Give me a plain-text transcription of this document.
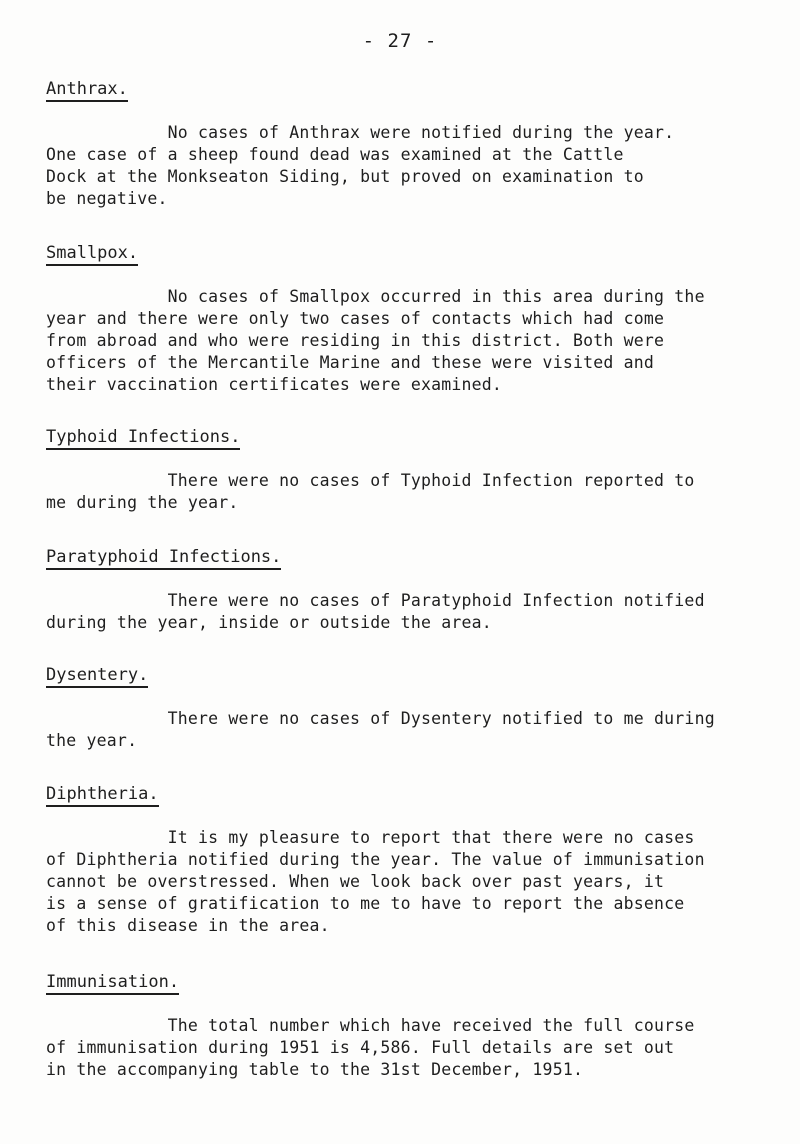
- 27 -
Anthrax.

No cases of Anthrax were notified during the year.
One case of a sheep found dead was examined at the Cattle
Dock at the Monkseaton Siding, but proved on examination to
be negative.

Smallpox.

No cases of Smallpox occurred in this area during the
year and there were only two cases of contacts which had come
from abroad and who were residing in this district. Both were
officers of the Mercantile Marine and these were visited and
their vaccination certificates were examined.

Typhoid Infections.

There were no cases of Typhoid Infection reported to
me during the year.

Paratyphoid Infections.

There were no cases of Paratyphoid Infection notified
during the year, inside or outside the area.

Dysentery.

There were no cases of Dysentery notified to me during
the year.

Diphtheria.

It is my pleasure to report that there were no cases
of Diphtheria notified during the year. The value of immunisation
cannot be overstressed. When we look back over past years, it
is a sense of gratification to me to have to report the absence
of this disease in the area.

Immunisation.

The total number which have received the full course
of immunisation during 1951 is 4,586. Full details are set out
in the accompanying table to the 31st December, 1951.
